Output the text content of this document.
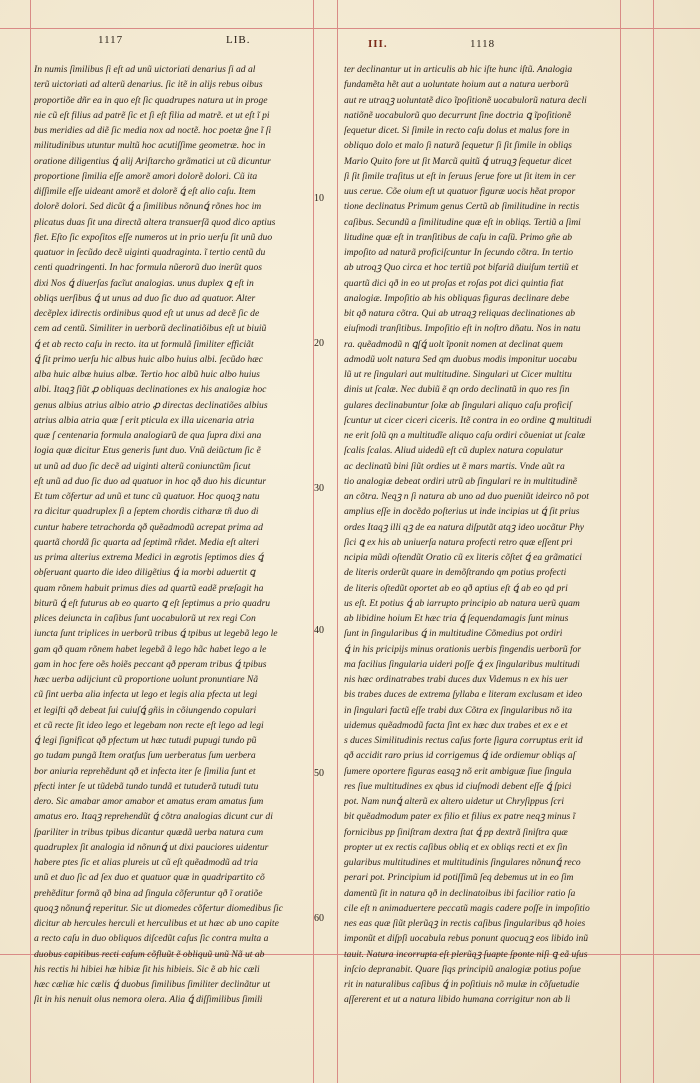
1117	LIB.	III.	1118
10
20
30
40
50
60
In numis ſimilibus ſi eſt ad unũ uictoriati denarius ſi ad al
terũ uictoriati ad alterũ denarius. ſic itẽ in alijs rebus oibus
proportiõe dñr ea in quo eſt ſic quadrupes natura ut in proge
nie cũ eſt filius ad patrẽ ſic et ſi eſt filia ad matrẽ. et ut eſt ĩ pi
bus meridies ad diẽ ſic media nox ad noctẽ. hoc poetæ ĝne ĩ ſi
militudinibus utuntur multũ hoc acutiſſime geometræ. hoc in
oratione diligentius ꝗ́ alij Ariſtarcho grãmatici ut cũ dicuntur
proportione ſimilia eſſe amorẽ amori dolorẽ dolori. Cũ ita
diſſimile eſſe uideant amorẽ et dolorẽ ꝗ́ eſt alio caſu. Item
dolorẽ dolori. Sed dicũt ꝗ́ a ſimilibus nõnunꝗ́ rõnes hoc im
plicatus duas ſit una directã altera transuerſã quod dico aptius
fiet. Eſto ſic expoſitos eſſe numeros ut in prio uerſu ſit unũ duo
quatuor in ſecũdo decẽ uiginti quadraginta. ĩ tertio centũ du
centi quadringenti. In hac formula nũerorũ duo inerũt quos
dixi Nos ꝗ́ diuerſas facĩut analogias. unus duplex ꝗ eſt in
obliqs uerſibus ꝗ́ ut unus ad duo ſic duo ad quatuor. Alter
decẽplex idirectis ordinibus quod eſt ut unus ad decẽ ſic de
cem ad centũ. Similiter in uerborũ declinatiõibus eſt ut biuiũ
ꝗ́ et ab recto caſu in recto. ita ut formulã ſimiliter efficiãt
ꝗ́ ſit primo uerſu hic albus huic albo huius albi. ſecũdo hæc
alba huic albæ huius albæ. Tertio hoc albũ huic albo huius
albi. Itaqꝫ ſiũt ꝓ obliquas declinationes ex his analogiæ hoc
genus albius atrius albio atrio ꝓ directas declinatiões albius
atrius albia atria quæ ſ erit pticula ex illa uicenaria atria
quæ ſ centenaria formula analogiarũ de qua ſupra dixi ana
logia quæ dicitur Etus generis ſunt duo. Vnũ deiũctum ſic ẽ
ut unũ ad duo ſic decẽ ad uiginti alterũ coniunctũm ſicut
eſt unũ ad duo ſic duo ad quatuor in hoc qð duo his dicuntur
Et tum cõfertur ad unũ et tunc cũ quatuor. Hoc quoqꝫ natu
ra dicitur quadruplex ſi a ſeptem chordis citharæ tñ duo di
cuntur habere tetrachorda qð quẽadmodũ acrepat prima ad
quartã chordã ſic quarta ad ſeptimã rñdet. Media eſt alteri
us prima alterius extrema Medici in ægrotis ſeptimos dies ꝗ́
obſeruant quarto die ideo diligẽtius ꝗ́ ia morbi aduertit ꝗ
quam rõnem habuit primus dies ad quartũ eadẽ præſagit ha
biturũ ꝗ́ eſt futurus ab eo quarto ꝗ eſt ſeptimus a prio quadru
plices deiuncta in caſibus ſunt uocabulorũ ut rex regi Con
iuncta ſunt triplices in uerborũ tribus ꝗ́ tpibus ut legebã lego le
gam qð quam rõnem habet legebã ã lego hãc habet lego a le
gam in hoc fere oẽs hoiẽs peccant qð pperam tribus ꝗ́ tpibus
hæc uerba adijciunt cũ proportione uolunt pronuntiare Nã
cũ ſint uerba alia infecta ut lego et legis alia pfecta ut legi
et legiſti qð debeat ſui cuiuſꝗ́ gñis in cõiungendo copulari
et cũ recte ſit ideo lego et legebam non recte eſt lego ad legi
ꝗ́ legi ſignificat qð pfectum ut hæc tutudi pupugi tundo pũ
go tudam pungã Item oratſus ſum uerberatus ſum uerbera
bor aniuria reprehẽdunt qð et infecta iter ſe ſimilia ſunt et
pfecti inter ſe ut tũdebã tundo tundã et tutuderã tutudi tutu
dero. Sic amabar amor amabor et amatus eram amatus ſum
amatus ero. Itaqꝫ reprehendũt ꝗ́ cõtra analogias dicunt cur di
ſpariliter in tribus tpibus dicantur quædã uerba natura cum
quadruplex ſit analogia id nõnunꝗ́ ut dixi pauciores uidentur
habere ptes ſic et alias plureis ut cũ eſt quẽadmodũ ad tria
unũ et duo ſic ad ſex duo et quatuor quæ in quadripartito cõ
prehẽditur formã qð bina ad ſingula cõferuntur qð ĩ oratiõe
quoqꝫ nõnunꝗ́ reperitur. Sic ut diomedes cõfertur diomedibus ſic
dicitur ab hercules herculi et herculibus et ut hæc ab uno capite
a recto caſu in duo obliquos diſcedũt caſus ſic contra multa a
duobus capitibus recti caſum cõfluũt ẽ obliquũ unũ Nã ut ab
his rectis hi hibiei hæ hibiæ ſit his hibieis. Sic ẽ ab hic cæli
hæc cæliæ hic cælis ꝗ́ duobus ſimilibus ſimiliter declinãtur ut
ſit in his nenuit olus nemora olera. Alia ꝗ́ diſſimilibus ſimili
ter declinantur ut in articulis ab hic iſte hunc iſtũ. Analogia
fundamẽta hẽt aut a uoluntate hoium aut a natura uerborũ
aut re utraqꝫ uoluntatẽ dico ĩpoſitionẽ uocabulorũ natura decli
natiõnẽ uocabulorũ quo decurrunt ſine doctria ꝗ ĩpoſitionẽ
ſequetur dicet. Si ſimile in recto caſu dolus et malus fore in
obliquo dolo et malo ſi naturã ſequetur ſi ſit ſimile in obliqs
Mario Quito fore ut ſit Marcũ quitũ ꝗ́ utruqꝫ ſequetur dicet
ſi ſit ſimile traſitus ut eſt in ſeruus ſerue fore ut ſit item in cer
uus cerue. Cõe oium eſt ut quatuor figuræ uocis hẽat propor
tione declinatus Primum genus Certũ ab ſimilitudine in rectis
caſibus. Secundũ a ſimilitudine quæ eſt in obliqs. Tertiũ a ſimi
litudine quæ eſt in tranſitibus de caſu in caſũ. Primo gñe ab
impoſito ad naturã proficiſcuntur In ſecundo cõtra. In tertio
ab utroqꝫ Quo circa et hoc tertiũ pot bifariã diuiſum tertiũ et
quartũ dici qð in eo ut proſas et roſas pot dici quintia fiat
analogiæ. Impoſitio ab his obliquas figuras declinare debe
bit qð natura cõtra. Qui ab utraqꝫ reliquas declinationes ab
eiuſmodi tranſitibus. Impoſitio eſt in noſtro dñatu. Nos in natu
ra. quẽadmodũ n ꝗſꝗ́ uolt ĩponit nomen at declinat quem
admodũ uolt natura Sed qm duobus modis imponitur uocabu
lũ ut re ſingulari aut multitudine. Singulari ut Cicer multitu
dinis ut ſcalæ. Nec dubiũ ẽ qn ordo declinatũ in quo res ſin
gulares declinabuntur ſolæ ab ſingulari aliquo caſu proficiſ
ſcuntur ut cicer ciceri ciceris. Itẽ contra in eo ordine ꝗ multitudi
ne erit ſolũ qn a multitudĩe aliquo caſu ordiri cõueniat ut ſcalæ
ſcalis ſcalas. Aliud uidedũ eſt cũ duplex natura copulatur
ac declinatũ bini ſiũt ordies ut ẽ mars martis. Vnde aũt ra
tio analogiæ debeat ordiri utrũ ab ſingulari re in multitudinẽ
an cõtra. Neqꝫ n ſi natura ab uno ad duo pueniũt ideirco nõ pot
amplius eſſe in docẽdo poſterius ut inde incipias ut ꝗ́ ſit prius
ordes Itaqꝫ illi qꝫ de ea natura diſputãt atqꝫ ideo uocãtur Phy
ſici ꝗ ex his ab uniuerſa natura profecti retro quæ eſſent pri
ncipia mũdi oſtendũt Oratio cũ ex literis cõſtet ꝗ́ ea grãmatici
de literis orderũt quare in demõſtrando qm potius profecti
de literis oſtedũt oportet ab eo qð aptius eſt ꝗ́ ab eo qd pri
us eſt. Et potius ꝗ́ ab iarrupto principio ab natura uerũ quam
ab libidine hoium Et hæc tria ꝗ́ ſequendamagis ſunt minus
ſunt in ſingularibus ꝗ́ in multitudine Cõmedius pot ordiri
ꝗ́ in his pricipijs minus orationis uerbis fingendis uerborũ for
ma facilius ſingularia uideri poſſe ꝗ́ ex ſingularibus multitudi
nis hæc ordinatrabes trabi duces dux Videmus n ex his uer
bis trabes duces de extrema ſyllaba e literam exclusam et ideo
in ſingulari factũ eſſe trabi dux Cõtra ex ſingularibus nõ ita
uidemus quẽadmodũ facta ſint ex hæc dux trabes et ex e et
s duces Similitudinis rectus caſus forte ſigura corruptus erit id
qð accidit raro prius id corrigemus ꝗ́ ide ordiemur obliqs aſ
ſumere oportere figuras easqꝫ nõ erit ambiguæ ſiue ſingula
res ſiue multitudines ex qbus id ciuſmodi debent eſſe ꝗ́ ſpici
pot. Nam nunꝗ́ alterũ ex altero uidetur ut Chryſippus ſcri
bit quẽadmodum pater ex filio et filius ex patre neqꝫ minus ĩ
fornicibus pp ſiniſtram dextra ſtat ꝗ́ pp dextrã ſiniſtra quæ
propter ut ex rectis caſibus obliq et ex obliqs recti et ex ſin
gularibus multitudines et multitudinis ſingulares nõnunꝗ́ reco
perari pot. Principium id potiſſimũ ſeq debemus ut in eo ſim
damentũ ſit in natura qð in declinatoibus ibi facilior ratio ſa
cile eſt n animaduertere peccatũ magis cadere poſſe in impoſitio
nes eas quæ ſiũt plerũqꝫ in rectis caſibus ſingularibus qð hoies
imponũt et diſpſi uocabula rebus ponunt quocuqꝫ eos libido inũ
tauit. Natura incorrupta eſt plerũqꝫ ſuapte ſponte niſi ꝗ eã uſus
inſcio depranabit. Quare ſiqs principiũ analogiæ potius poſue
rit in naturalibus caſibus ꝗ́ in poſitiuis nõ mulæ in cõſuetudie
aſſererent et ut a natura libido humana corrigitur non ab li
